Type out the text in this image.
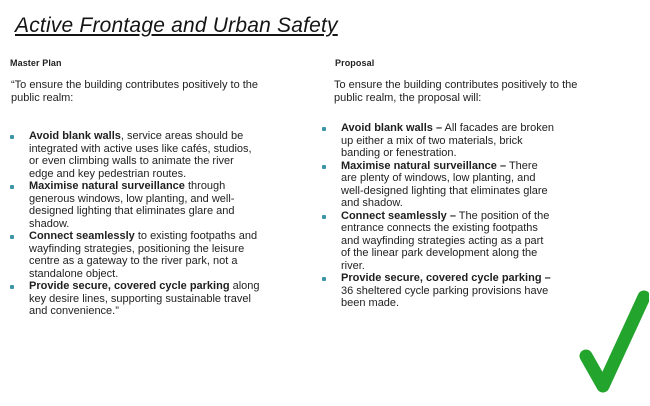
Active Frontage and Urban Safety

Master Plan

“To ensure the building contributes positively to the public realm:

Avoid blank walls, service areas should be integrated with active uses like cafés, studios, or even climbing walls to animate the river edge and key pedestrian routes.
Maximise natural surveillance through generous windows, low planting, and well-designed lighting that eliminates glare and shadow.
Connect seamlessly to existing footpaths and wayfinding strategies, positioning the leisure centre as a gateway to the river park, not a standalone object.
Provide secure, covered cycle parking along key desire lines, supporting sustainable travel and convenience.”

Proposal

To ensure the building contributes positively to the public realm, the proposal will:

Avoid blank walls – All facades are broken up either a mix of two materials, brick banding or fenestration.
Maximise natural surveillance – There are plenty of windows, low planting, and well-designed lighting that eliminates glare and shadow.
Connect seamlessly – The position of the entrance connects the existing footpaths and wayfinding strategies acting as a part of the linear park development along the river.
Provide secure, covered cycle parking – 36 sheltered cycle parking provisions have been made.
